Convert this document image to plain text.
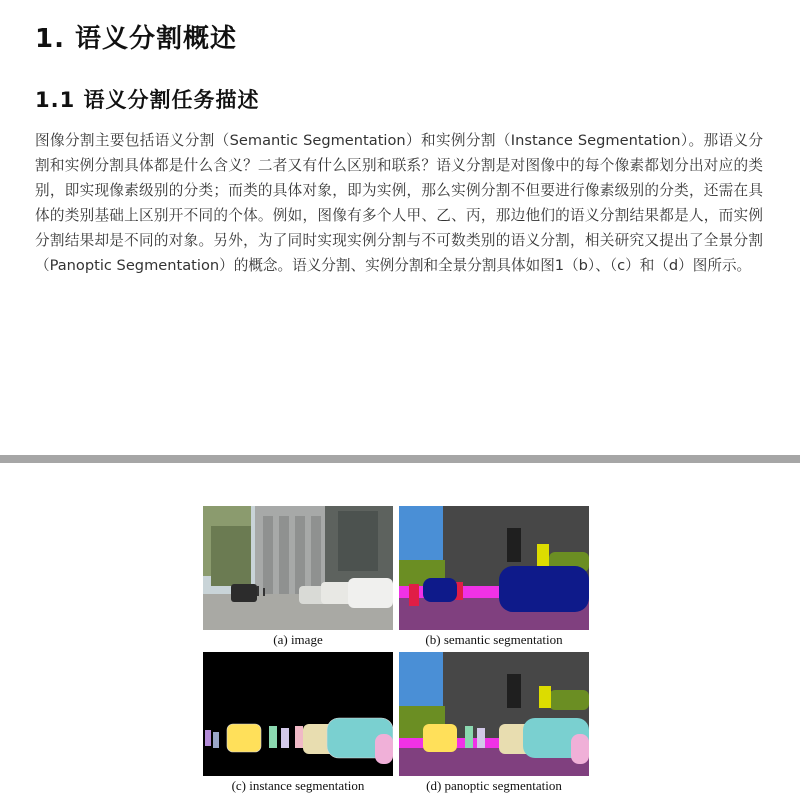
1. 语义分割概述
1.1 语义分割任务描述

图像分割主要包括语义分割（Semantic Segmentation）和实例分割（Instance Segmentation）。那语义分割和实例分割具体都是什么含义？二者又有什么区别和联系？语义分割是对图像中的每个像素都划分出对应的类别，即实现像素级别的分类；而类的具体对象，即为实例，那么实例分割不但要进行像素级别的分类，还需在具体的类别基础上区别开不同的个体。例如，图像有多个人甲、乙、丙，那边他们的语义分割结果都是人，而实例分割结果却是不同的对象。另外，为了同时实现实例分割与不可数类别的语义分割，相关研究又提出了全景分割（Panoptic Segmentation）的概念。语义分割、实例分割和全景分割具体如图1（b）、（c）和（d）图所示。

(a) image	(b) semantic segmentation
(c) instance segmentation	(d) panoptic segmentation
